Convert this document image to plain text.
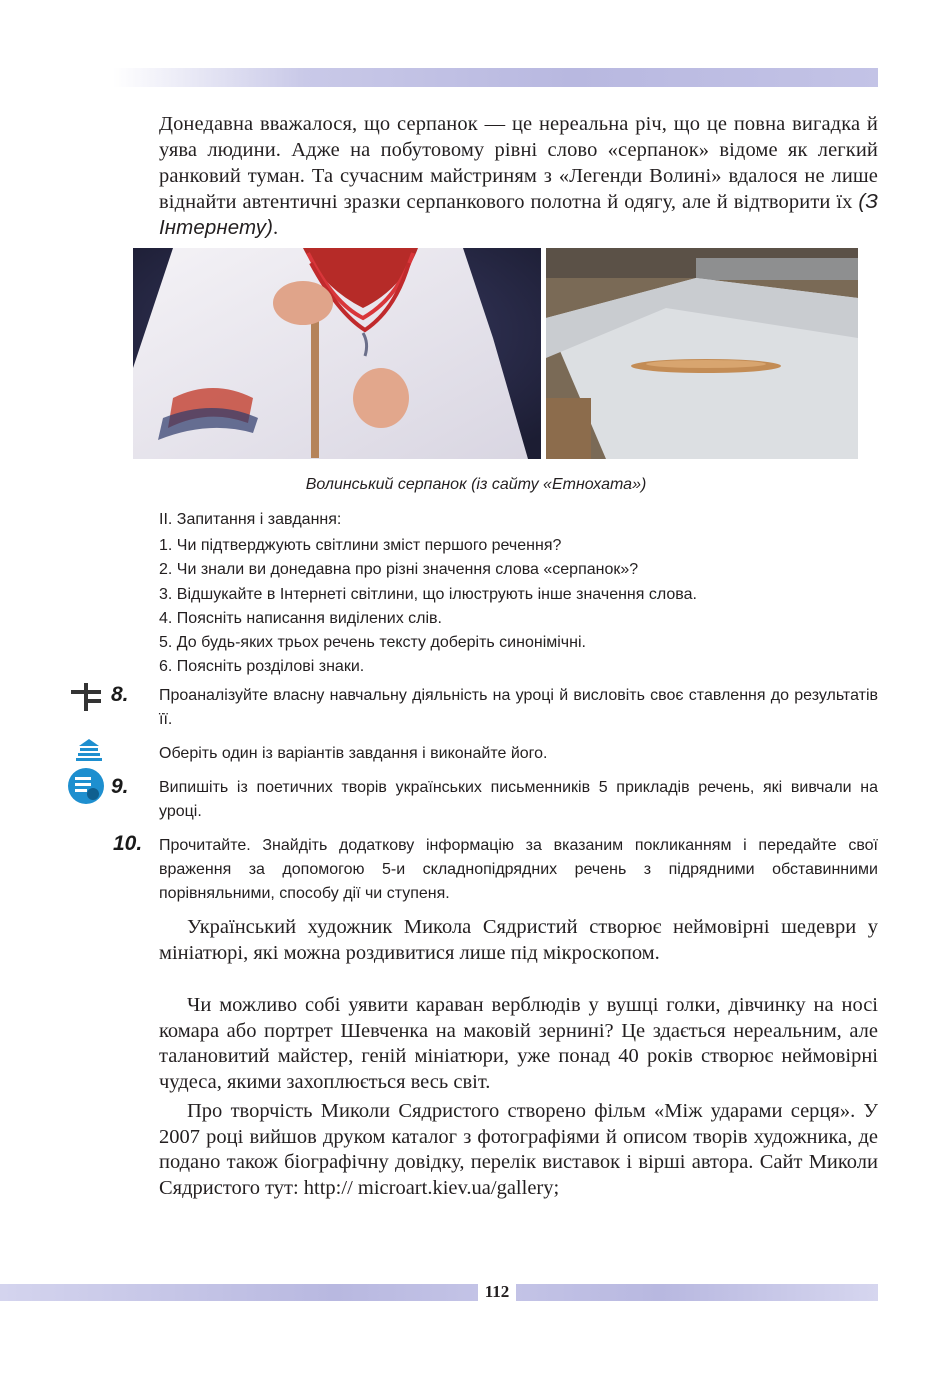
Донедавна вважалося, що серпанок — це нереальна річ, що це повна вигадка й уява людини. Адже на побутовому рівні слово «серпанок» відоме як легкий ранковий туман. Та сучасним майстриням з «Легенди Волині» вдалося не лише віднайти автентичні зразки серпанкового полотна й одягу, але й відтворити їх (З Інтернету).

Волинський серпанок (із сайту «Етнохата»)
ІІ. Запитання і завдання:
1. Чи підтверджують світлини зміст першого речення?
2. Чи знали ви донедавна про різні значення слова «серпанок»?
3. Відшукайте в Інтернеті світлини, що ілюструють інше значення слова.
4. Поясніть написання виділених слів.
5. До будь-яких трьох речень тексту доберіть синонімічні.
6. Поясніть розділові знаки.
8. Проаналізуйте власну навчальну діяльність на уроці й висловіть своє ставлення до результатів її.
Оберіть один із варіантів завдання і виконайте його.
9. Випишіть із поетичних творів українських письменників 5 прикладів речень, які вивчали на уроці.
10. Прочитайте. Знайдіть додаткову інформацію за вказаним покликанням і передайте свої враження за допомогою 5-и складнопідрядних речень з підрядними обставинними порівняльними, способу дії чи ступеня.
Український художник Микола Сядристий створює неймовірні шедеври у мініатюрі, які можна роздивитися лише під мікроскопом.
Чи можливо собі уявити караван верблюдів у вушці голки, дівчинку на носі комара або портрет Шевченка на маковій зернині? Це здається нереальним, але талановитий майстер, геній мініатюри, уже понад 40 років створює неймовірні чудеса, якими захоплюється весь світ.
Про творчість Миколи Сядристого створено фільм «Між ударами серця». У 2007 році вийшов друком каталог з фотографіями й описом творів художника, де подано також біографічну довідку, перелік виставок і вірші автора. Сайт Миколи Сядристого тут: http:// microart.kiev.ua/gallery;
112
